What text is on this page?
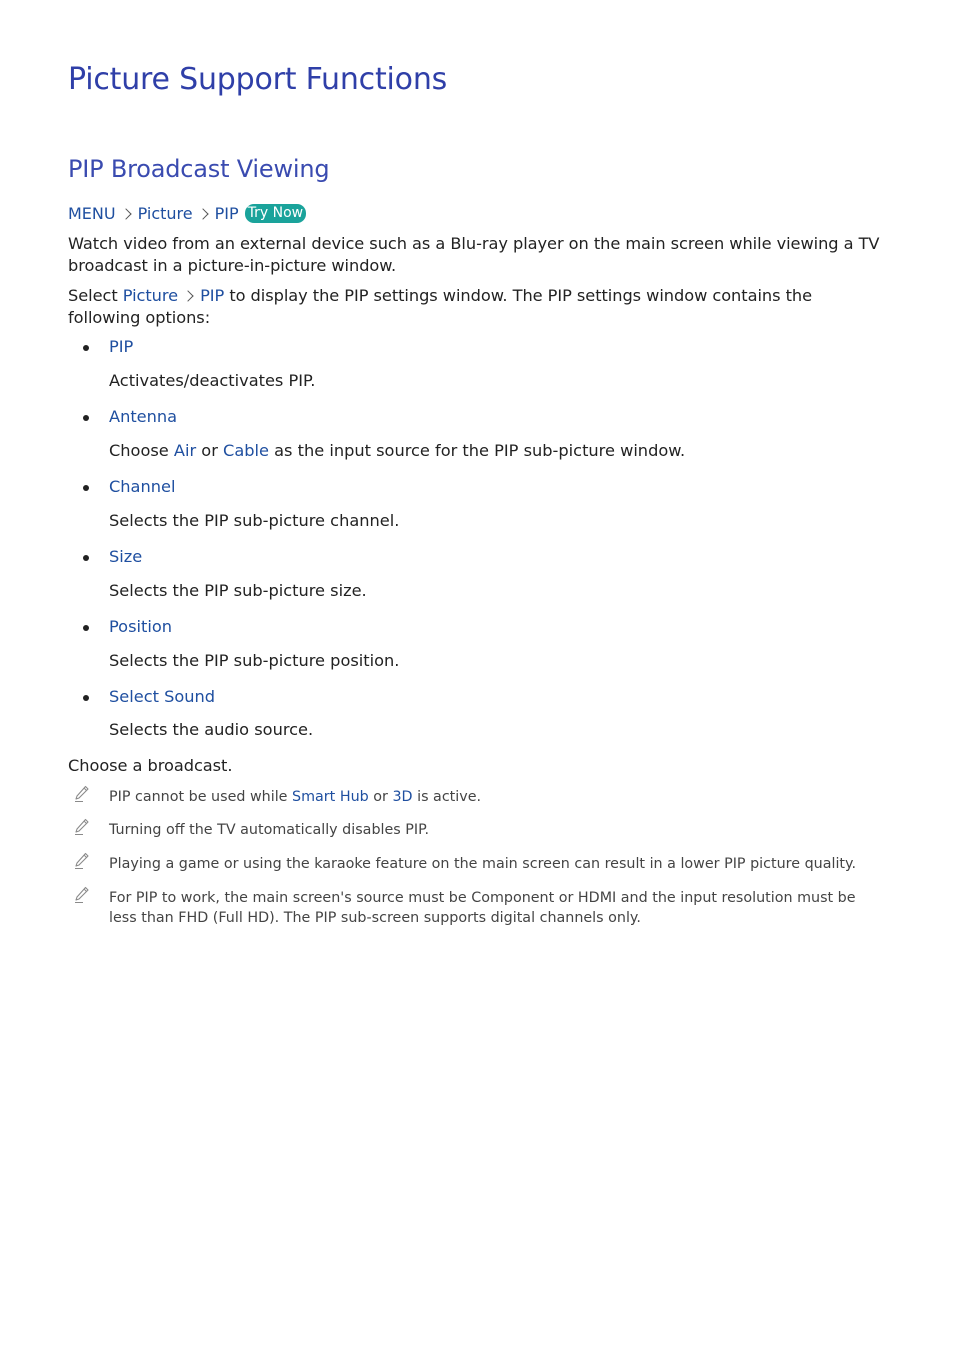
Picture Support Functions
PIP Broadcast Viewing
MENU Picture PIP Try Now

Watch video from an external device such as a Blu-ray player on the main screen while viewing a TV broadcast in a picture-in-picture window.

Select Picture PIP to display the PIP settings window. The PIP settings window contains the following options:

PIP
Activates/deactivates PIP.
Antenna
Choose Air or Cable as the input source for the PIP sub-picture window.
Channel
Selects the PIP sub-picture channel.
Size
Selects the PIP sub-picture size.
Position
Selects the PIP sub-picture position.
Select Sound
Selects the audio source.

Choose a broadcast.

PIP cannot be used while Smart Hub or 3D is active.
Turning off the TV automatically disables PIP.
Playing a game or using the karaoke feature on the main screen can result in a lower PIP picture quality.
For PIP to work, the main screen's source must be Component or HDMI and the input resolution must be less than FHD (Full HD). The PIP sub-screen supports digital channels only.
